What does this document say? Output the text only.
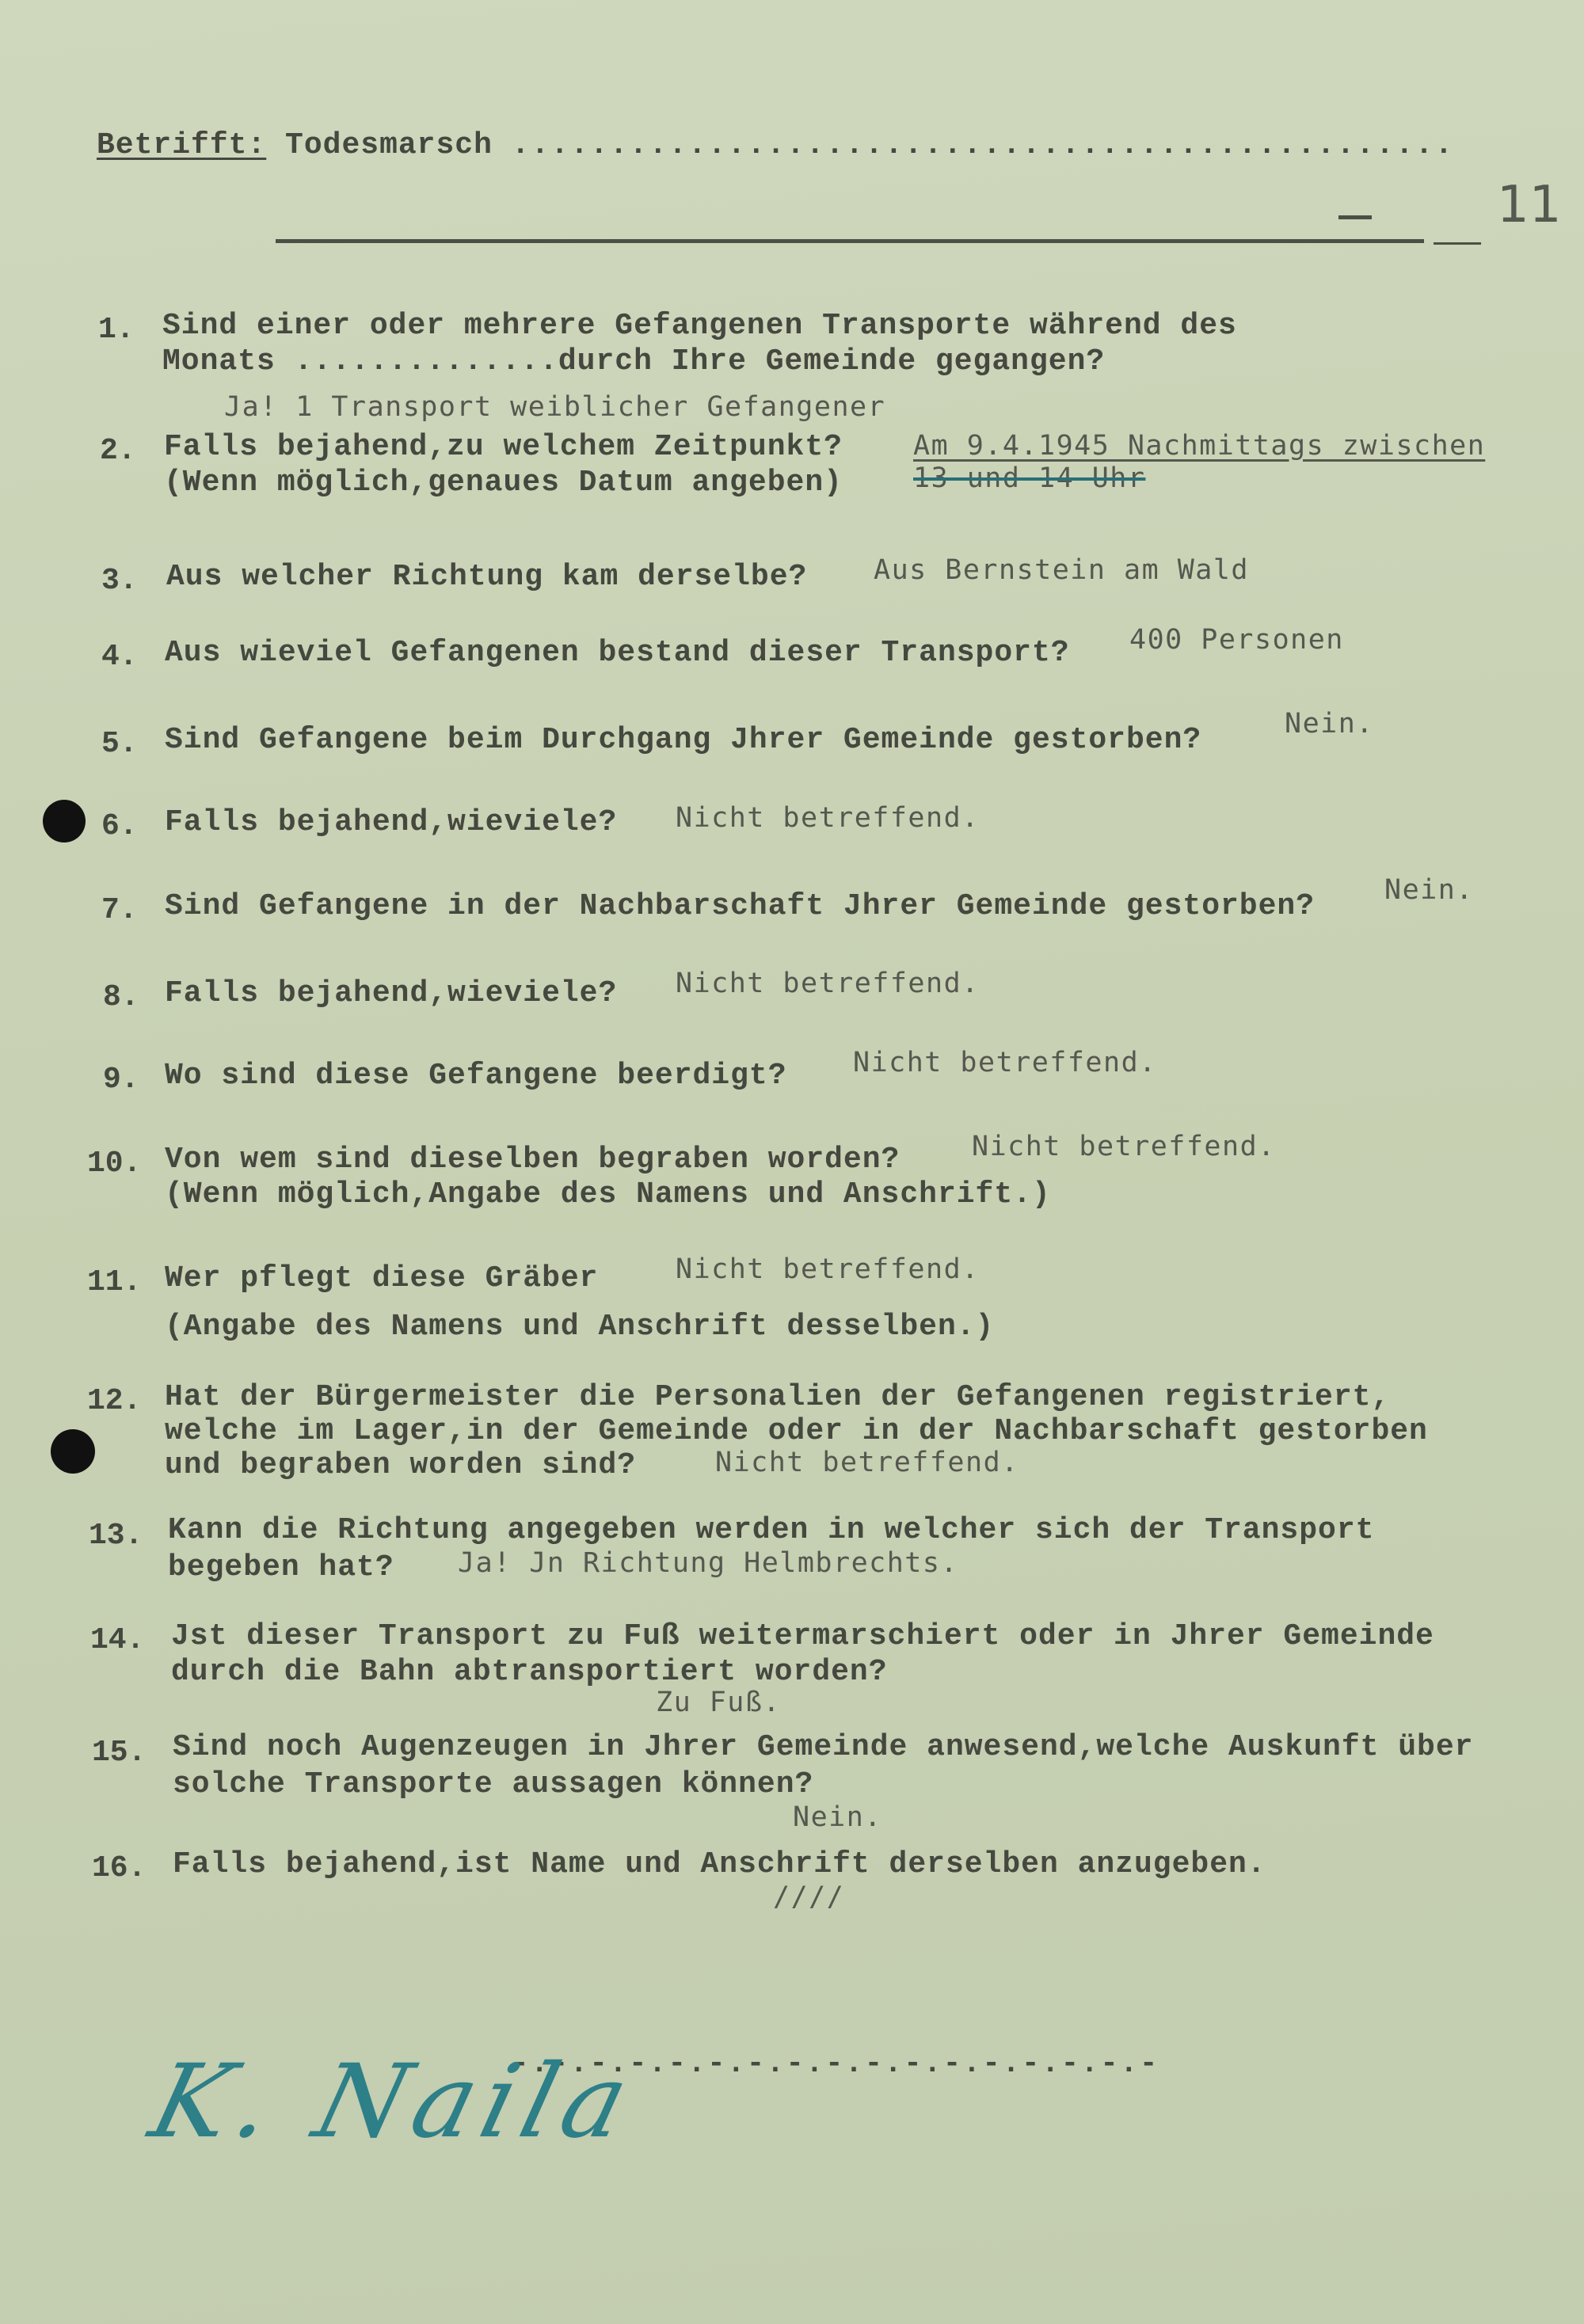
Betrifft: Todesmarsch ................................................
11
1. Sind einer oder mehrere Gefangenen Transporte während des
Monats ..............durch Ihre Gemeinde gegangen?
Ja! 1 Transport weiblicher Gefangener
2. Falls bejahend,zu welchem Zeitpunkt?
(Wenn möglich,genaues Datum angeben)
Am 9.4.1945 Nachmittags zwischen
13 und 14 Uhr
3. Aus welcher Richtung kam derselbe? Aus Bernstein am Wald
4. Aus wieviel Gefangenen bestand dieser Transport? 400 Personen
5. Sind Gefangene beim Durchgang Jhrer Gemeinde gestorben?	Nein.
6. Falls bejahend,wieviele? Nicht betreffend.
7. Sind Gefangene in der Nachbarschaft Jhrer Gemeinde gestorben?	Nein.
8. Falls bejahend,wieviele? Nicht betreffend.
9. Wo sind diese Gefangene beerdigt? Nicht betreffend.
10. Von wem sind dieselben begraben worden?
(Wenn möglich,Angabe des Namens und Anschrift.)
Nicht betreffend.
11. Wer pflegt diese Gräber
(Angabe des Namens und Anschrift desselben.)
Nicht betreffend.
12. Hat der Bürgermeister die Personalien der Gefangenen registriert,
welche im Lager,in der Gemeinde oder in der Nachbarschaft gestorben
und begraben worden sind?	Nicht betreffend.
13. Kann die Richtung angegeben werden in welcher sich der Transport
begeben hat? Ja! Jn Richtung Helmbrechts.
14. Jst dieser Transport zu Fuß weitermarschiert oder in Jhrer Gemeinde
durch die Bahn abtransportiert worden?
Zu Fuß.
15. Sind noch Augenzeugen in Jhrer Gemeinde anwesend,welche Auskunft über
solche Transporte aussagen können?
Nein.
16. Falls bejahend,ist Name und Anschrift derselben anzugeben.
////
-.-.-.-.-.-.-.-.-.-.-.-.-.-.-.-.-
K. Naila
